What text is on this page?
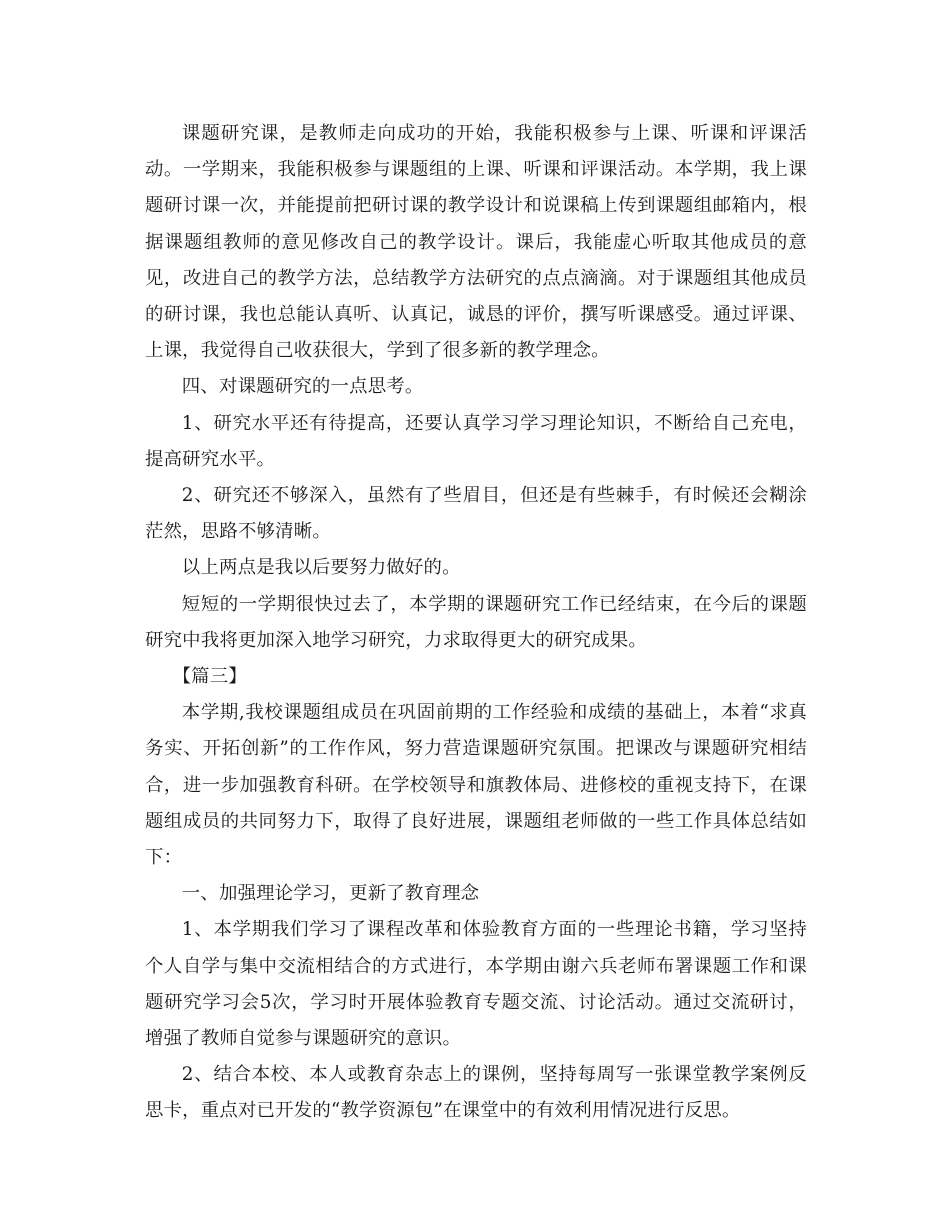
课题研究课，是教师走向成功的开始，我能积极参与上课、听课和评课活动。一学期来，我能积极参与课题组的上课、听课和评课活动。本学期，我上课题研讨课一次，并能提前把研讨课的教学设计和说课稿上传到课题组邮箱内，根据课题组教师的意见修改自己的教学设计。课后，我能虚心听取其他成员的意见，改进自己的教学方法，总结教学方法研究的点点滴滴。对于课题组其他成员的研讨课，我也总能认真听、认真记，诚恳的评价，撰写听课感受。通过评课、上课，我觉得自己收获很大，学到了很多新的教学理念。

四、对课题研究的一点思考。

1、研究水平还有待提高，还要认真学习学习理论知识，不断给自己充电，提高研究水平。

2、研究还不够深入，虽然有了些眉目，但还是有些棘手，有时候还会糊涂茫然，思路不够清晰。

以上两点是我以后要努力做好的。

短短的一学期很快过去了，本学期的课题研究工作已经结束，在今后的课题研究中我将更加深入地学习研究，力求取得更大的研究成果。

【篇三】

本学期,我校课题组成员在巩固前期的工作经验和成绩的基础上，本着“求真务实、开拓创新”的工作作风，努力营造课题研究氛围。把课改与课题研究相结合，进一步加强教育科研。在学校领导和旗教体局、进修校的重视支持下，在课题组成员的共同努力下，取得了良好进展，课题组老师做的一些工作具体总结如下：

一、加强理论学习，更新了教育理念

1、本学期我们学习了课程改革和体验教育方面的一些理论书籍，学习坚持个人自学与集中交流相结合的方式进行，本学期由谢六兵老师布署课题工作和课题研究学习会5次，学习时开展体验教育专题交流、讨论活动。通过交流研讨，增强了教师自觉参与课题研究的意识。

2、结合本校、本人或教育杂志上的课例，坚持每周写一张课堂教学案例反思卡，重点对已开发的“教学资源包”在课堂中的有效利用情况进行反思。
